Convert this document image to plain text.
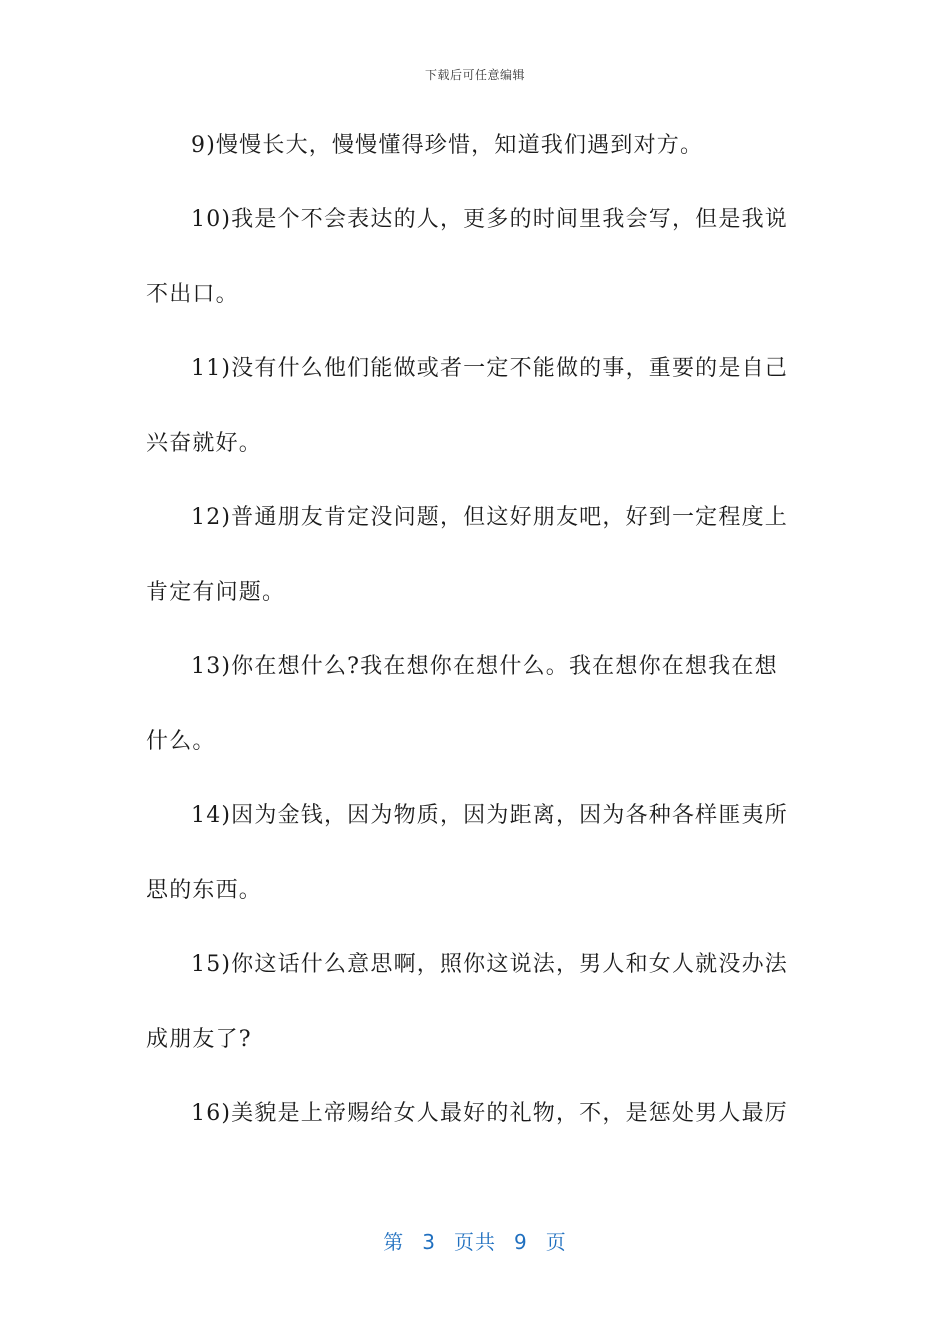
下载后可任意编辑
9)慢慢长大，慢慢懂得珍惜，知道我们遇到对方。
10)我是个不会表达的人，更多的时间里我会写，但是我说
不出口。
11)没有什么他们能做或者一定不能做的事，重要的是自己
兴奋就好。
12)普通朋友肯定没问题，但这好朋友吧，好到一定程度上
肯定有问题。
13)你在想什么?我在想你在想什么。我在想你在想我在想
什么。
14)因为金钱，因为物质，因为距离，因为各种各样匪夷所
思的东西。
15)你这话什么意思啊，照你这说法，男人和女人就没办法
成朋友了?
16)美貌是上帝赐给女人最好的礼物，不，是惩处男人最厉
第 3 页共 9 页
